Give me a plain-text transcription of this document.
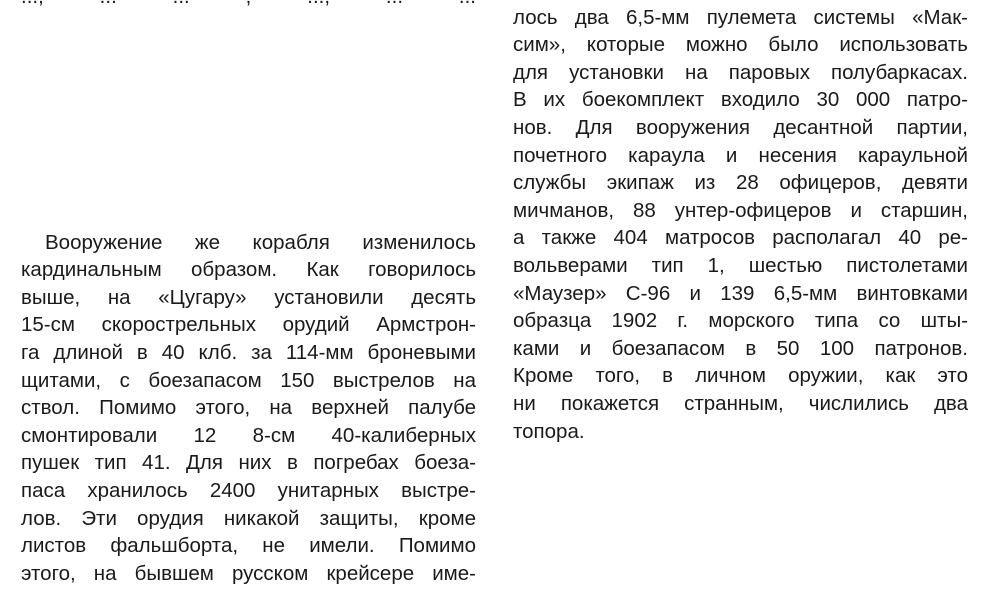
Вооружение же корабля изменилось
кардинальным образом. Как говорилось
выше, на «Цугару» установили десять
15-см скорострельных орудий Армстрон-
га длиной в 40 клб. за 114-мм броневыми
щитами, с боезапасом 150 выстрелов на
ствол. Помимо этого, на верхней палубе
смонтировали 12 8-см 40-калиберных
пушек тип 41. Для них в погребах боеза-
паса хранилось 2400 унитарных выстре-
лов. Эти орудия никакой защиты, кроме
листов фальшборта, не имели. Помимо
этого, на бывшем русском крейсере име-
лось два 6,5-мм пулемета системы «Мак-
сим», которые можно было использовать
для установки на паровых полубаркасах.
В их боекомплект входило 30 000 патро-
нов. Для вооружения десантной партии,
почетного караула и несения караульной
службы экипаж из 28 офицеров, девяти
мичманов, 88 унтер-офицеров и старшин,
а также 404 матросов располагал 40 ре-
вольверами тип 1, шестью пистолетами
«Маузер» С-96 и 139 6,5-мм винтовками
образца 1902 г. морского типа со шты-
ками и боезапасом в 50 100 патронов.
Кроме того, в личном оружии, как это
ни покажется странным, числились два
топора.
